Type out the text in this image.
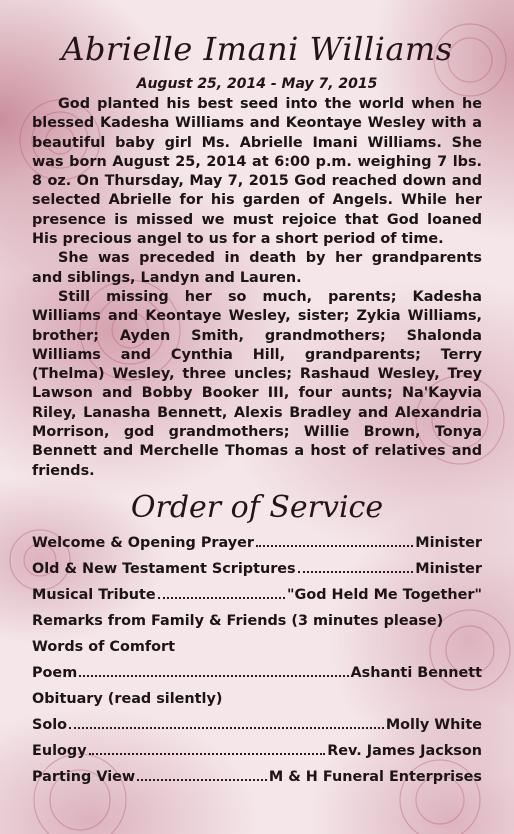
Abrielle Imani Williams
August 25, 2014 - May 7, 2015

God planted his best seed into the world when he blessed Kadesha Williams and Keontaye Wesley with a beautiful baby girl Ms. Abrielle Imani Williams. She was born August 25, 2014 at 6:00 p.m. weighing 7 lbs. 8 oz. On Thursday, May 7, 2015 God reached down and selected Abrielle for his garden of Angels. While her presence is missed we must rejoice that God loaned His precious angel to us for a short period of time.

She was preceded in death by her grandparents and siblings, Landyn and Lauren.

Still missing her so much, parents; Kadesha Williams and Keontaye Wesley, sister; Zykia Williams, brother; Ayden Smith, grandmothers; Shalonda Williams and Cynthia Hill, grandparents; Terry (Thelma) Wesley, three uncles; Rashaud Wesley, Trey Lawson and Bobby Booker III, four aunts; Na'Kayvia Riley, Lanasha Bennett, Alexis Bradley and Alexandria Morrison, god grandmothers; Willie Brown, Tonya Bennett and Merchelle Thomas a host of relatives and friends.

Order of Service
Welcome & Opening Prayer	Minister
Old & New Testament Scriptures	Minister
Musical Tribute	"God Held Me Together"
Remarks from Family & Friends (3 minutes please)
Words of Comfort
Poem	Ashanti Bennett
Obituary (read silently)
Solo	Molly White
Eulogy	Rev. James Jackson
Parting View	M & H Funeral Enterprises
